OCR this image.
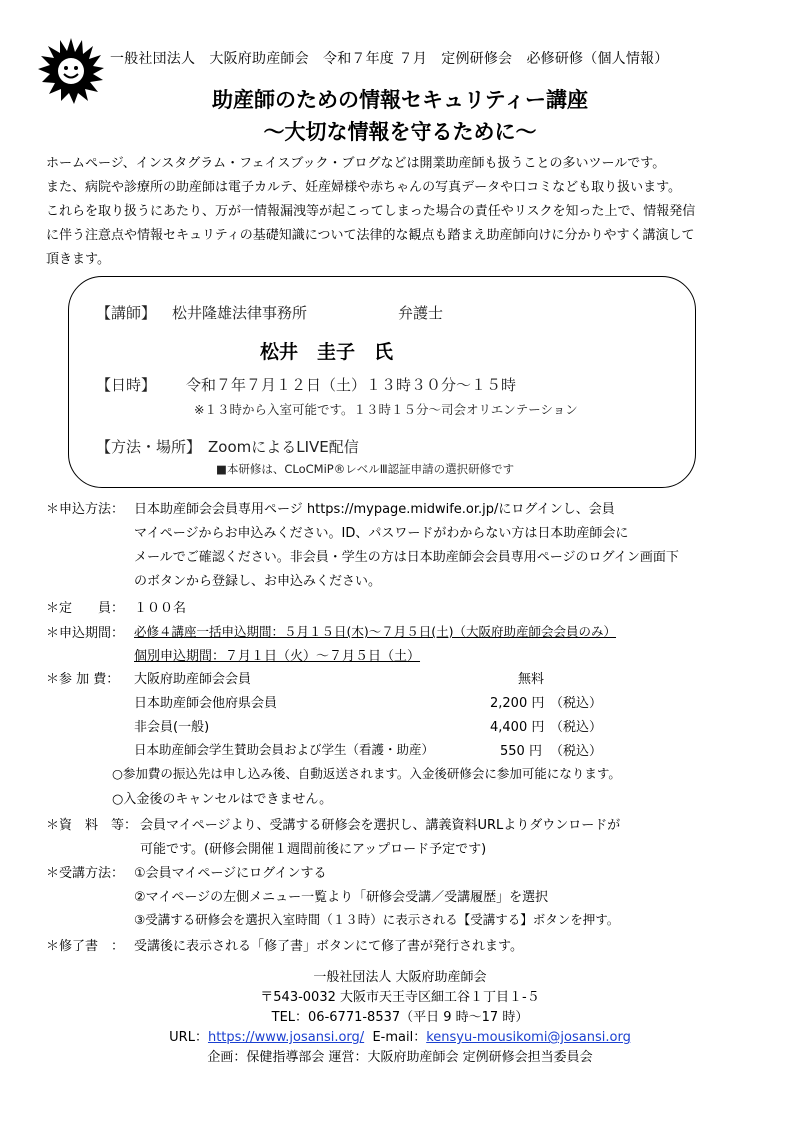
一般社団法人　大阪府助産師会　令和７年度 ７月　定例研修会　必修研修（個人情報）
助産師のための情報セキュリティー講座
～大切な情報を守るために～

ホームページ、インスタグラム・フェイスブック・ブログなどは開業助産師も扱うことの多いツールです。

また、病院や診療所の助産師は電子カルテ、妊産婦様や赤ちゃんの写真データや口コミなども取り扱います。

これらを取り扱うにあたり、万が一情報漏洩等が起こってしまった場合の責任やリスクを知った上で、情報発信

に伴う注意点や情報セキュリティの基礎知識について法律的な観点も踏まえ助産師向けに分かりやすく講演して

頂きます。

【講師】 松井隆雄法律事務所	弁護士
松井　圭子　氏
【日時】 令和７年７月１２日（土）１３時３０分～１５時
※１３時から入室可能です。１３時１５分～司会オリエンテーション
【方法・場所】 ZoomによるLIVE配信
■本研修は、CLoCMiP®レベルⅢ認証申請の選択研修です
＊申込方法： 日本助産師会会員専用ページ https://mypage.midwife.or.jp/にログインし、会員
マイページからお申込みください。ID、パスワードがわからない方は日本助産師会に
メールでご確認ください。非会員・学生の方は日本助産師会会員専用ページのログイン画面下
のボタンから登録し、お申込みください。
＊定　　員： １００名
＊申込期間： 必修４講座一括申込期間：５月１５日(木)～７月５日(土)（大阪府助産師会会員のみ）
個別申込期間：７月１日（火）～７月５日（土）
＊参 加 費： 大阪府助産師会会員	無料
日本助産師会他府県会員	2,200 円 （税込）
非会員(一般)	4,400 円 （税込）
日本助産師会学生賛助会員および学生（看護・助産）	550 円 （税込）
○参加費の振込先は申し込み後、自動返送されます。入金後研修会に参加可能になります。
○入金後のキャンセルはできません。
＊資　料　等： 会員マイページより、受講する研修会を選択し、講義資料URLよりダウンロードが
可能です。(研修会開催１週間前後にアップロード予定です)
＊受講方法： ①会員マイページにログインする
②マイページの左側メニュー一覧より「研修会受講／受講履歴」を選択
③受講する研修会を選択入室時間（１３時）に表示される【受講する】ボタンを押す。
＊修了書　： 受講後に表示される「修了書」ボタンにて修了書が発行されます。
一般社団法人 大阪府助産師会
〒543-0032 大阪市天王寺区細工谷１丁目１-５
TEL：06-6771-8537（平日 9 時～17 時）
URL：https://www.josansi.org/ E-mail：kensyu-mousikomi@josansi.org
企画：保健指導部会 運営：大阪府助産師会 定例研修会担当委員会
